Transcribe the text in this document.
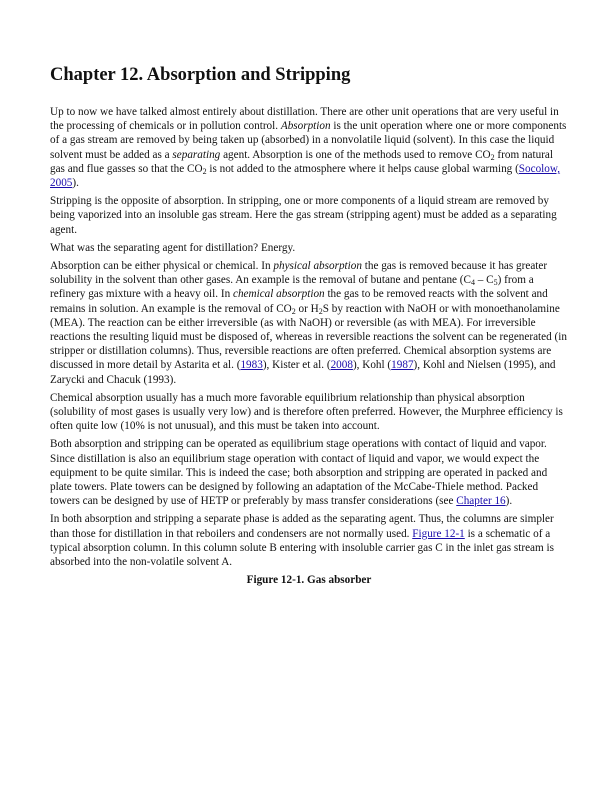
Chapter 12. Absorption and Stripping

Up to now we have talked almost entirely about distillation. There are other unit operations that are very useful in the processing of chemicals or in pollution control. Absorption is the unit operation where one or more components of a gas stream are removed by being taken up (absorbed) in a nonvolatile liquid (solvent). In this case the liquid solvent must be added as a separating agent. Absorption is one of the methods used to remove $CO_2$ from natural gas and flue gasses so that the $CO_2$ is not added to the atmosphere where it helps cause global warming (Socolow, 2005).

Stripping is the opposite of absorption. In stripping, one or more components of a liquid stream are removed by being vaporized into an insoluble gas stream. Here the gas stream (stripping agent) must be added as a separating agent.

What was the separating agent for distillation? Energy.

Absorption can be either physical or chemical. In physical absorption the gas is removed because it has greater solubility in the solvent than other gases. An example is the removal of butane and pentane $(C_4 - C_5)$ from a refinery gas mixture with a heavy oil. In chemical absorption the gas to be removed reacts with the solvent and remains in solution. An example is the removal of $CO_2$ or $H_2S$ by reaction with NaOH or with monoethanolamine (MEA). The reaction can be either irreversible (as with NaOH) or reversible (as with MEA). For irreversible reactions the resulting liquid must be disposed of, whereas in reversible reactions the solvent can be regenerated (in stripper or distillation columns). Thus, reversible reactions are often preferred. Chemical absorption systems are discussed in more detail by Astarita et al. (1983), Kister et al. (2008), Kohl (1987), Kohl and Nielsen (1995), and Zarycki and Chacuk (1993).

Chemical absorption usually has a much more favorable equilibrium relationship than physical absorption (solubility of most gases is usually very low) and is therefore often preferred. However, the Murphree efficiency is often quite low (10% is not unusual), and this must be taken into account.

Both absorption and stripping can be operated as equilibrium stage operations with contact of liquid and vapor. Since distillation is also an equilibrium stage operation with contact of liquid and vapor, we would expect the equipment to be quite similar. This is indeed the case; both absorption and stripping are operated in packed and plate towers. Plate towers can be designed by following an adaptation of the McCabe-Thiele method. Packed towers can be designed by use of HETP or preferably by mass transfer considerations (see Chapter 16).

In both absorption and stripping a separate phase is added as the separating agent. Thus, the columns are simpler than those for distillation in that reboilers and condensers are not normally used. Figure 12-1 is a schematic of a typical absorption column. In this column solute B entering with insoluble carrier gas C in the inlet gas stream is absorbed into the non-volatile solvent A.

Figure 12-1. Gas absorber
